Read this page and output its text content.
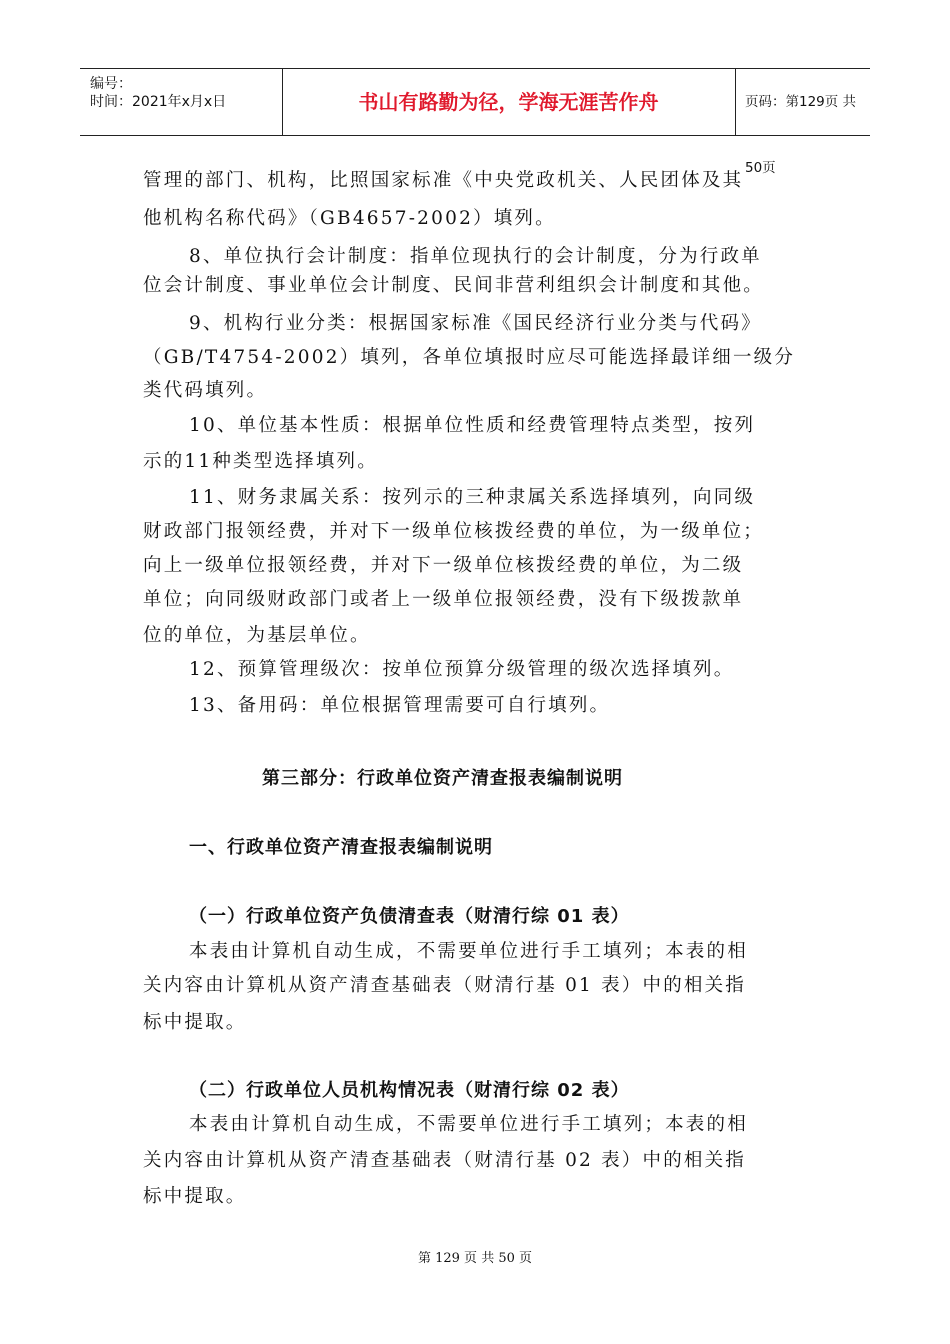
编号：
时间：2021年x月x日	书山有路勤为径，学海无涯苦作舟	页码：第129页 共50页
管理的部门、机构，比照国家标准《中央党政机关、人民团体及其
他机构名称代码》（GB4657-2002）填列。
8、单位执行会计制度：指单位现执行的会计制度，分为行政单
位会计制度、事业单位会计制度、民间非营利组织会计制度和其他。
9、机构行业分类：根据国家标准《国民经济行业分类与代码》
（GB/T4754-2002）填列，各单位填报时应尽可能选择最详细一级分
类代码填列。
10、单位基本性质：根据单位性质和经费管理特点类型，按列
示的11种类型选择填列。
11、财务隶属关系：按列示的三种隶属关系选择填列，向同级
财政部门报领经费，并对下一级单位核拨经费的单位，为一级单位；
向上一级单位报领经费，并对下一级单位核拨经费的单位，为二级
单位；向同级财政部门或者上一级单位报领经费，没有下级拨款单
位的单位，为基层单位。
12、预算管理级次：按单位预算分级管理的级次选择填列。
13、备用码：单位根据管理需要可自行填列。
第三部分：行政单位资产清查报表编制说明
一、行政单位资产清查报表编制说明
（一）行政单位资产负债清查表（财清行综 01 表）
本表由计算机自动生成，不需要单位进行手工填列；本表的相
关内容由计算机从资产清查基础表（财清行基 01 表）中的相关指
标中提取。
（二）行政单位人员机构情况表（财清行综 02 表）
本表由计算机自动生成，不需要单位进行手工填列；本表的相
关内容由计算机从资产清查基础表（财清行基 02 表）中的相关指
标中提取。
第 129 页 共 50 页
